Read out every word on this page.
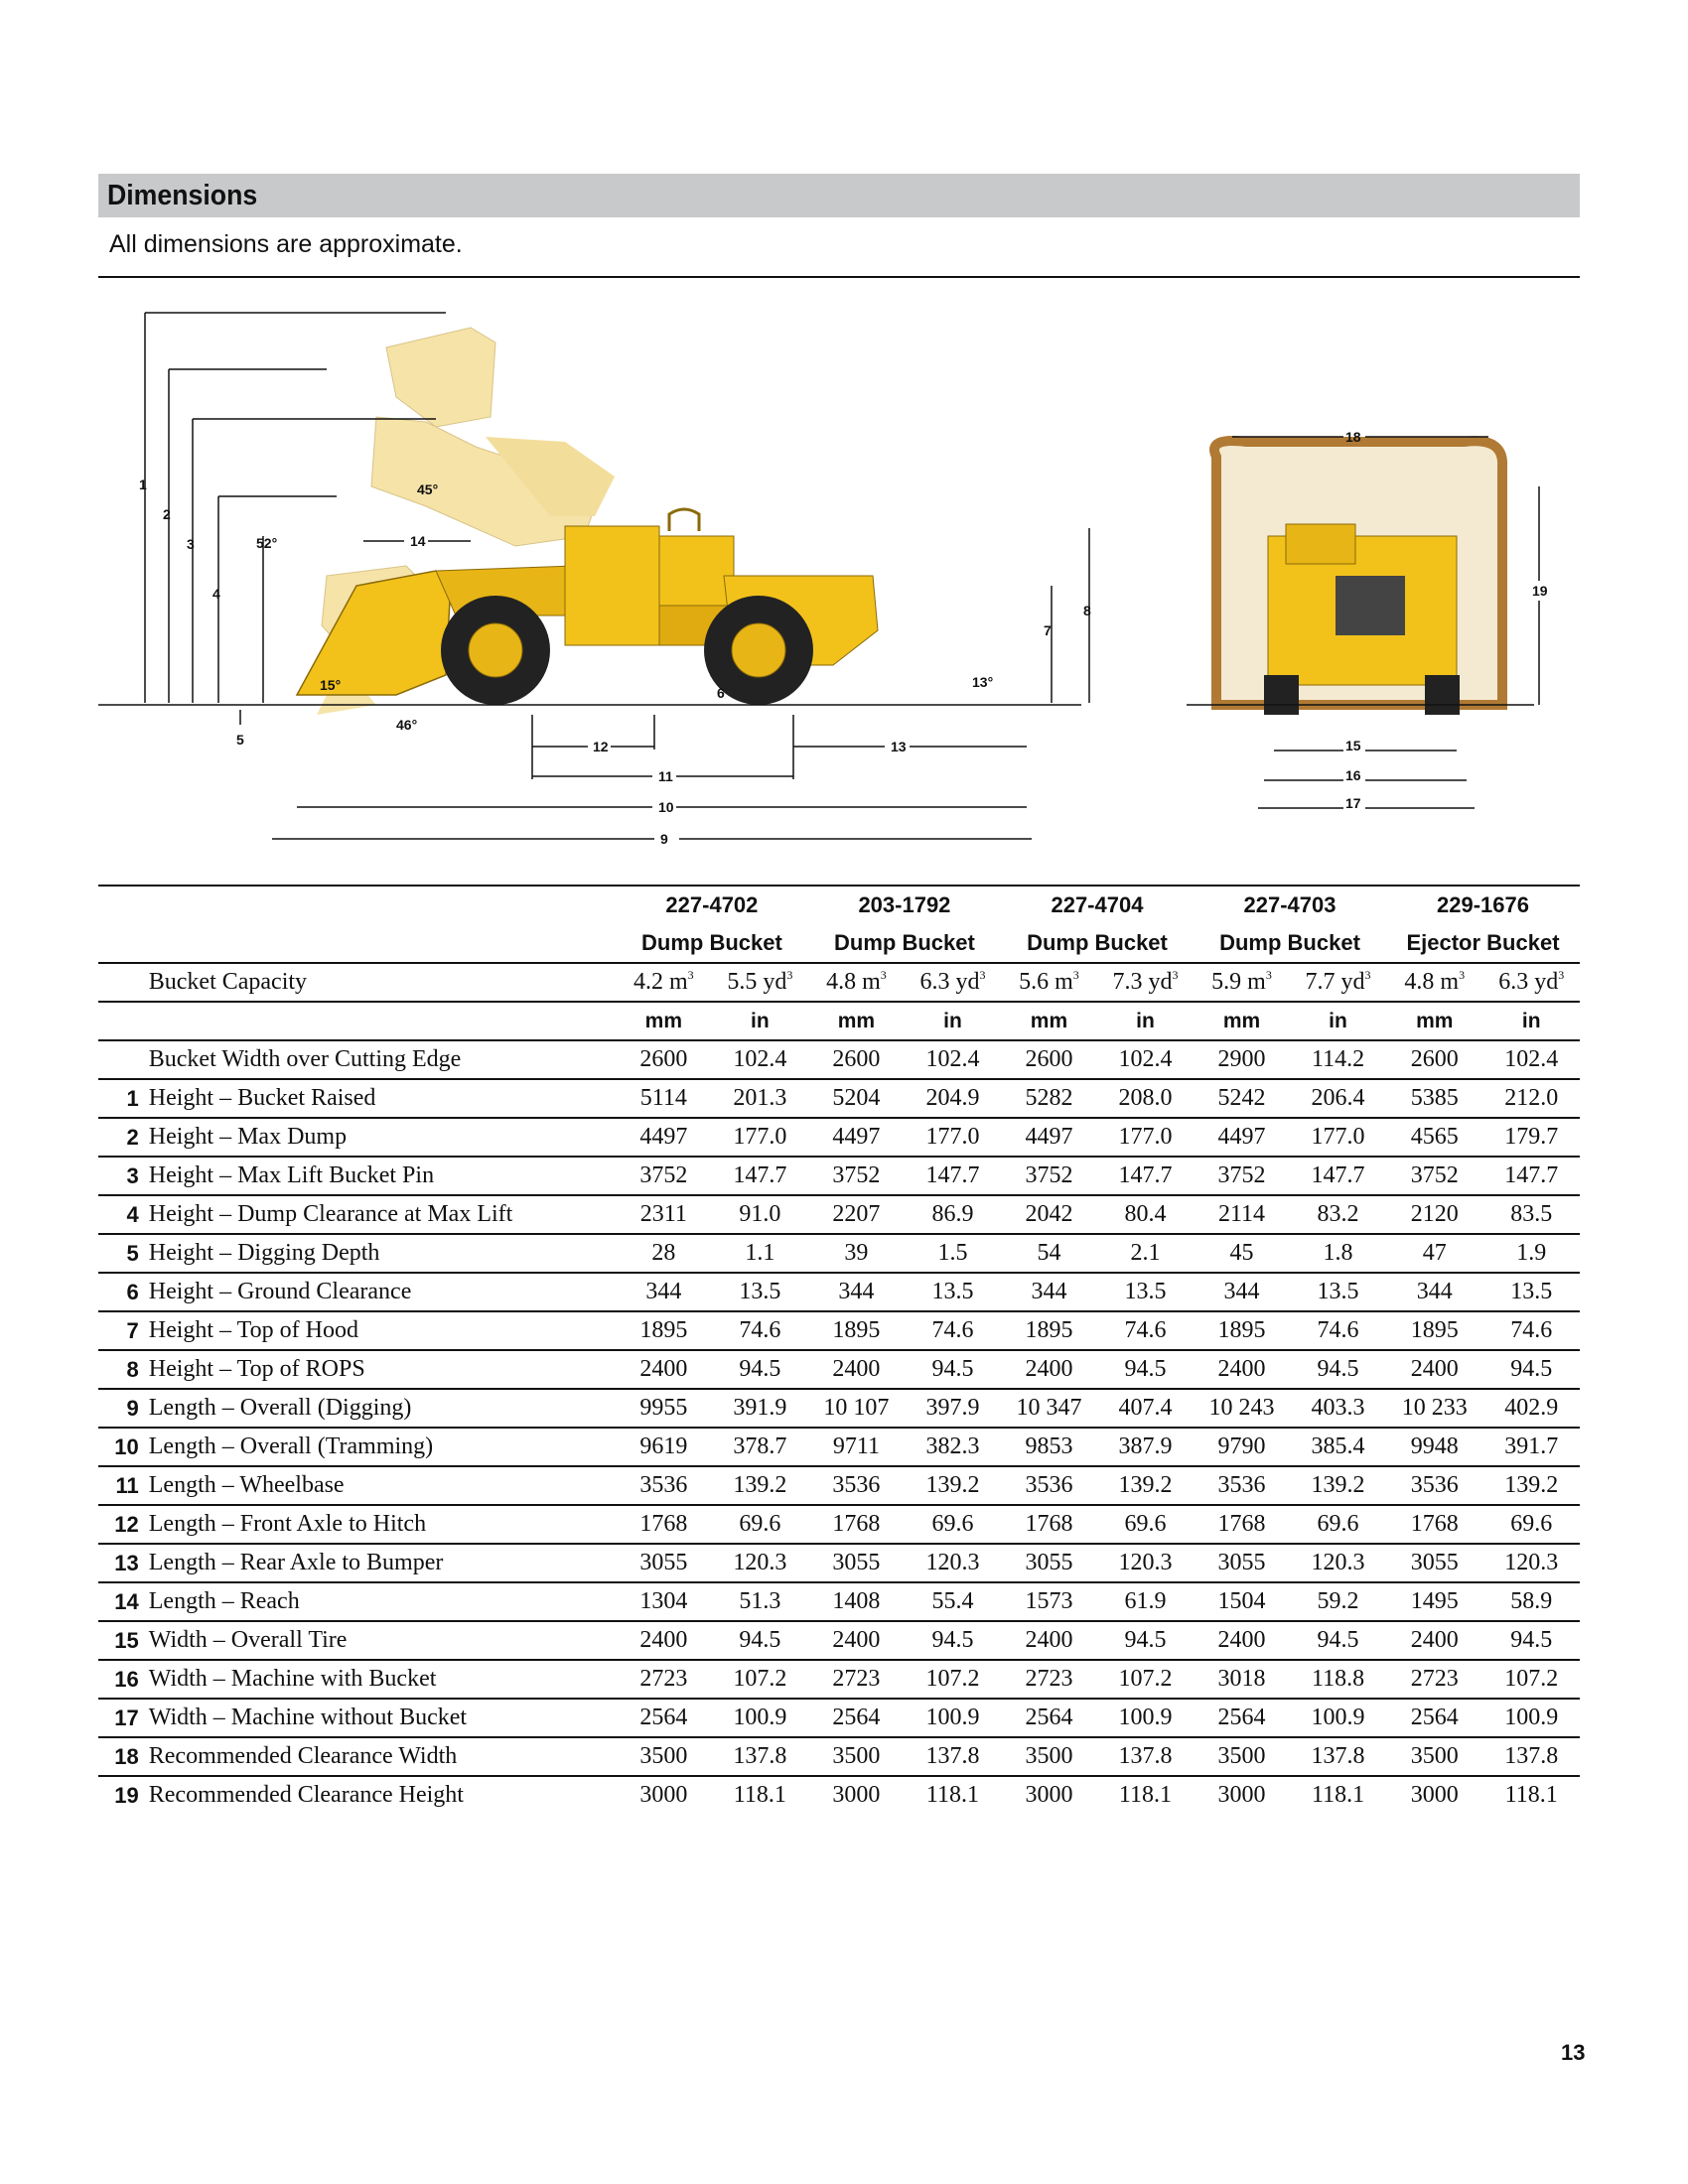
Dimensions
All dimensions are approximate.
1
2
3
4
5
6
7
8
9
10
11
12	13
14
45°
52°
15°
46°
13°
15
16
17
18
19
		227-4702		203-1792		227-4704		227-4703		229-1676	
		Dump Bucket		Dump Bucket		Dump Bucket		Dump Bucket		Ejector Bucket	
	Bucket Capacity	4.2 $m^3$	5.5 $yd^3$	4.8 $m^3$	6.3 $yd^3$	5.6 $m^3$	7.3 $yd^3$	5.9 $m^3$	7.7 $yd^3$	4.8 $m^3$	6.3 $yd^3$
		mm	in	mm	in	mm	in	mm	in	mm	in
	Bucket Width over Cutting Edge	2600	102.4	2600	102.4	2600	102.4	2900	114.2	2600	102.4
1	Height – Bucket Raised	5114	201.3	5204	204.9	5282	208.0	5242	206.4	5385	212.0
2	Height – Max Dump	4497	177.0	4497	177.0	4497	177.0	4497	177.0	4565	179.7
3	Height – Max Lift Bucket Pin	3752	147.7	3752	147.7	3752	147.7	3752	147.7	3752	147.7
4	Height – Dump Clearance at Max Lift	2311	91.0	2207	86.9	2042	80.4	2114	83.2	2120	83.5
5	Height – Digging Depth	28	1.1	39	1.5	54	2.1	45	1.8	47	1.9
6	Height – Ground Clearance	344	13.5	344	13.5	344	13.5	344	13.5	344	13.5
7	Height – Top of Hood	1895	74.6	1895	74.6	1895	74.6	1895	74.6	1895	74.6
8	Height – Top of ROPS	2400	94.5	2400	94.5	2400	94.5	2400	94.5	2400	94.5
9	Length – Overall (Digging)	9955	391.9	10 107	397.9	10 347	407.4	10 243	403.3	10 233	402.9
10	Length – Overall (Tramming)	9619	378.7	9711	382.3	9853	387.9	9790	385.4	9948	391.7
11	Length – Wheelbase	3536	139.2	3536	139.2	3536	139.2	3536	139.2	3536	139.2
12	Length – Front Axle to Hitch	1768	69.6	1768	69.6	1768	69.6	1768	69.6	1768	69.6
13	Length – Rear Axle to Bumper	3055	120.3	3055	120.3	3055	120.3	3055	120.3	3055	120.3
14	Length – Reach	1304	51.3	1408	55.4	1573	61.9	1504	59.2	1495	58.9
15	Width – Overall Tire	2400	94.5	2400	94.5	2400	94.5	2400	94.5	2400	94.5
16	Width – Machine with Bucket	2723	107.2	2723	107.2	2723	107.2	3018	118.8	2723	107.2
17	Width – Machine without Bucket	2564	100.9	2564	100.9	2564	100.9	2564	100.9	2564	100.9
18	Recommended Clearance Width	3500	137.8	3500	137.8	3500	137.8	3500	137.8	3500	137.8
19	Recommended Clearance Height	3000	118.1	3000	118.1	3000	118.1	3000	118.1	3000	118.1
13
